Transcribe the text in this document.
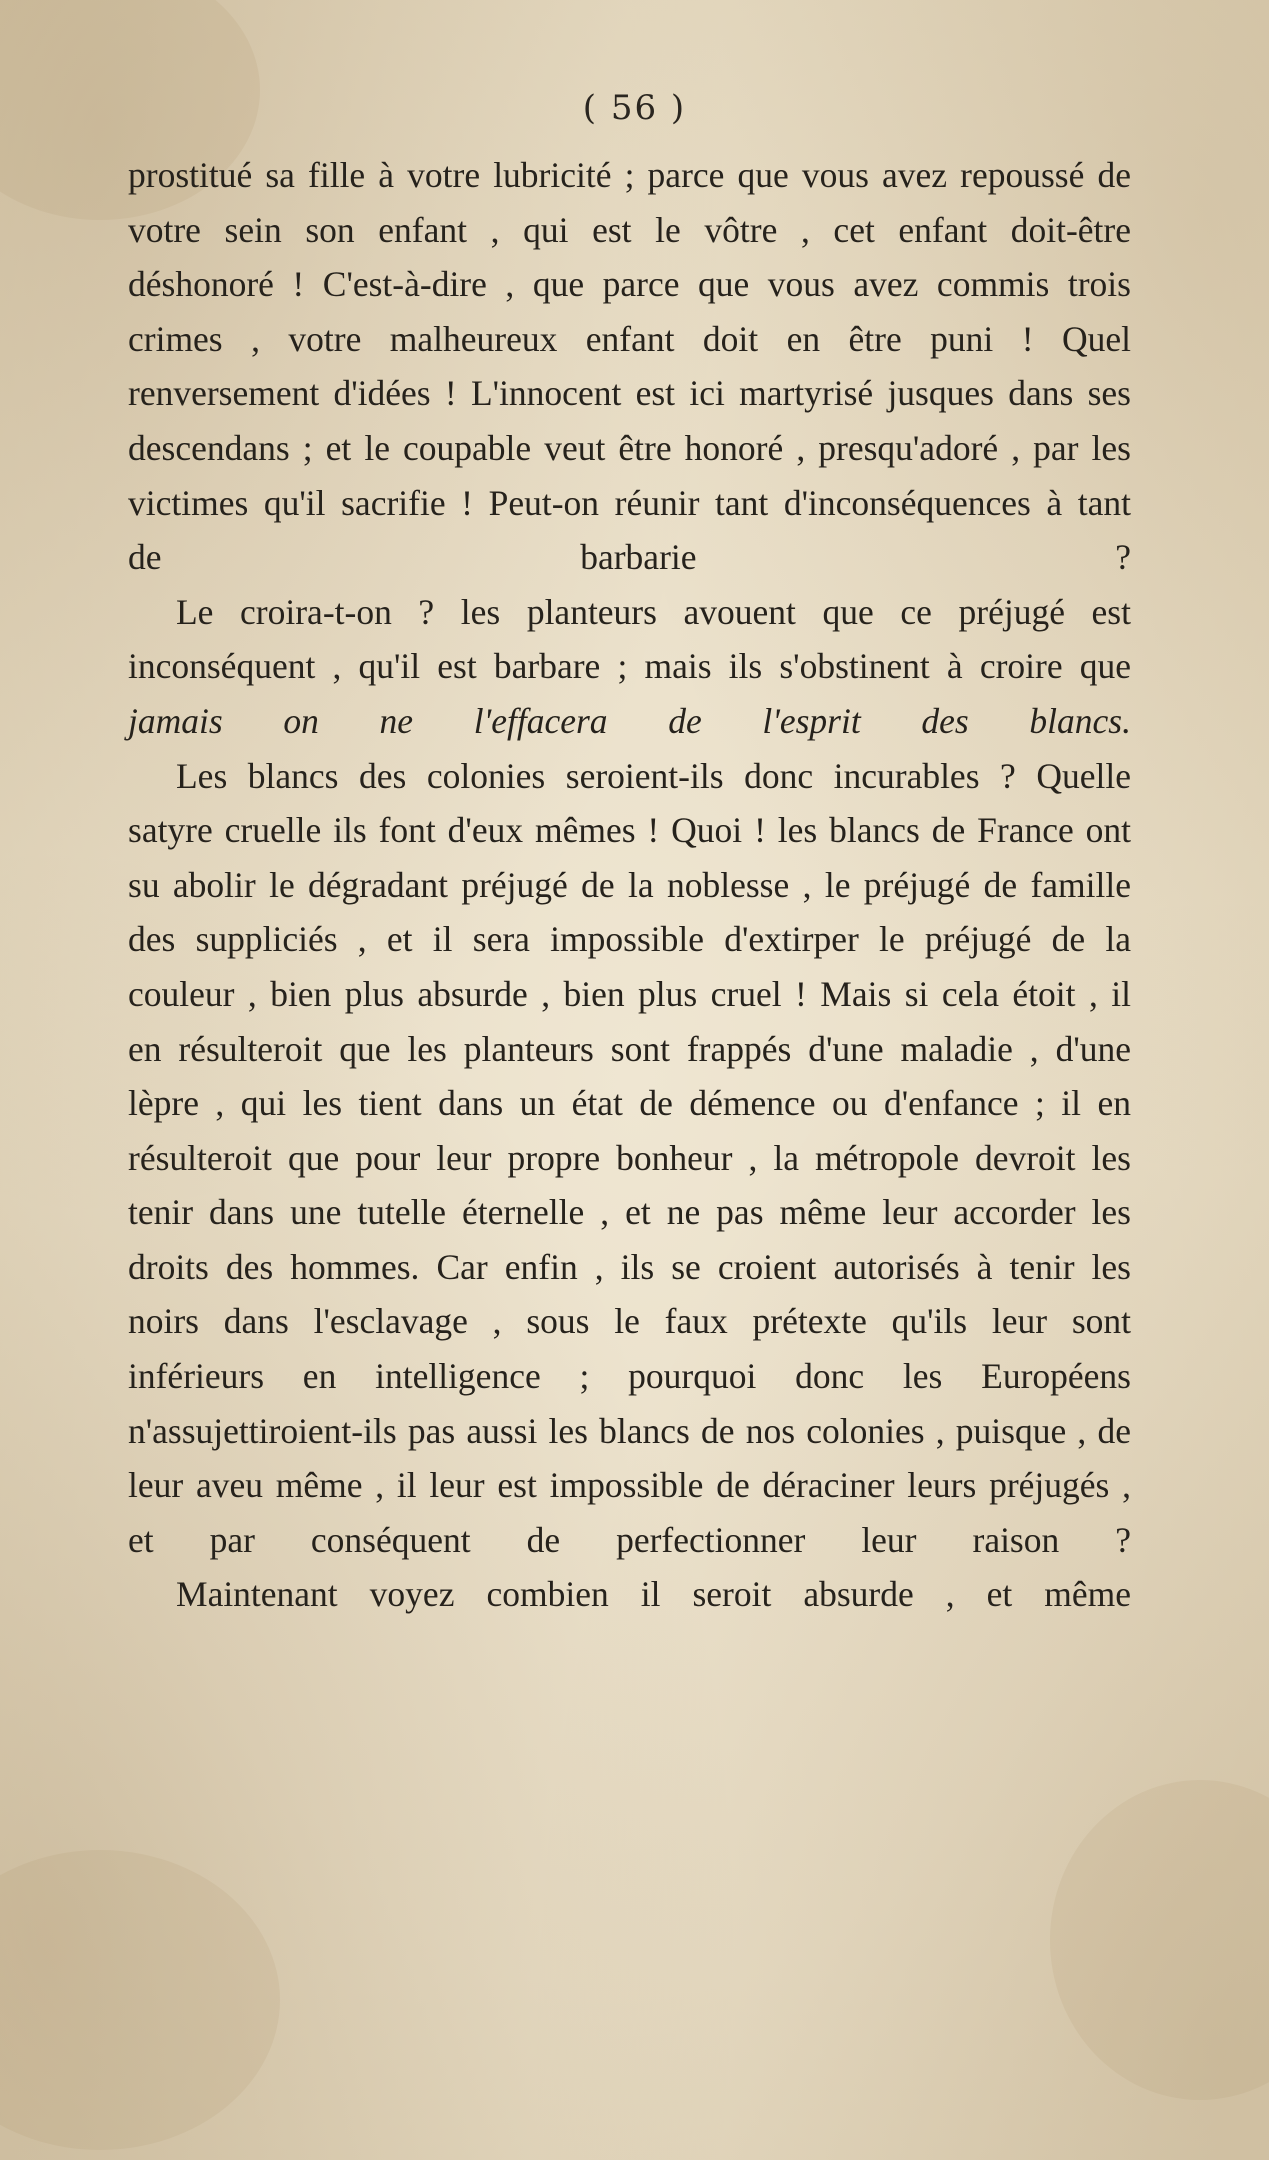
( 56 )

prostitué sa fille à votre lubricité ; parce que vous avez repoussé de votre sein son enfant , qui est le vôtre , cet enfant doit-être déshonoré ! C'est-à-dire , que parce que vous avez commis trois crimes , votre malheureux enfant doit en être puni ! Quel renversement d'idées ! L'innocent est ici martyrisé jusques dans ses descendans ; et le coupable veut être honoré , presqu'adoré , par les victimes qu'il sacrifie ! Peut-on réunir tant d'inconséquences à tant de barbarie ?

Le croira-t-on ? les planteurs avouent que ce préjugé est inconséquent , qu'il est barbare ; mais ils s'obstinent à croire que jamais on ne l'effacera de l'esprit des blancs.

Les blancs des colonies seroient-ils donc incurables ? Quelle satyre cruelle ils font d'eux mêmes ! Quoi ! les blancs de France ont su abolir le dégradant préjugé de la noblesse , le préjugé de famille des suppliciés , et il sera impossible d'extirper le préjugé de la couleur , bien plus absurde , bien plus cruel ! Mais si cela étoit , il en résulteroit que les planteurs sont frappés d'une maladie , d'une lèpre , qui les tient dans un état de démence ou d'enfance ; il en résulteroit que pour leur propre bonheur , la métropole devroit les tenir dans une tutelle éternelle , et ne pas même leur accorder les droits des hommes. Car enfin , ils se croient autorisés à tenir les noirs dans l'esclavage , sous le faux prétexte qu'ils leur sont inférieurs en intelligence ; pourquoi donc les Européens n'assujettiroient-ils pas aussi les blancs de nos colonies , puisque , de leur aveu même , il leur est impossible de déraciner leurs préjugés , et par conséquent de perfectionner leur raison ?

Maintenant voyez combien il seroit absurde , et même
